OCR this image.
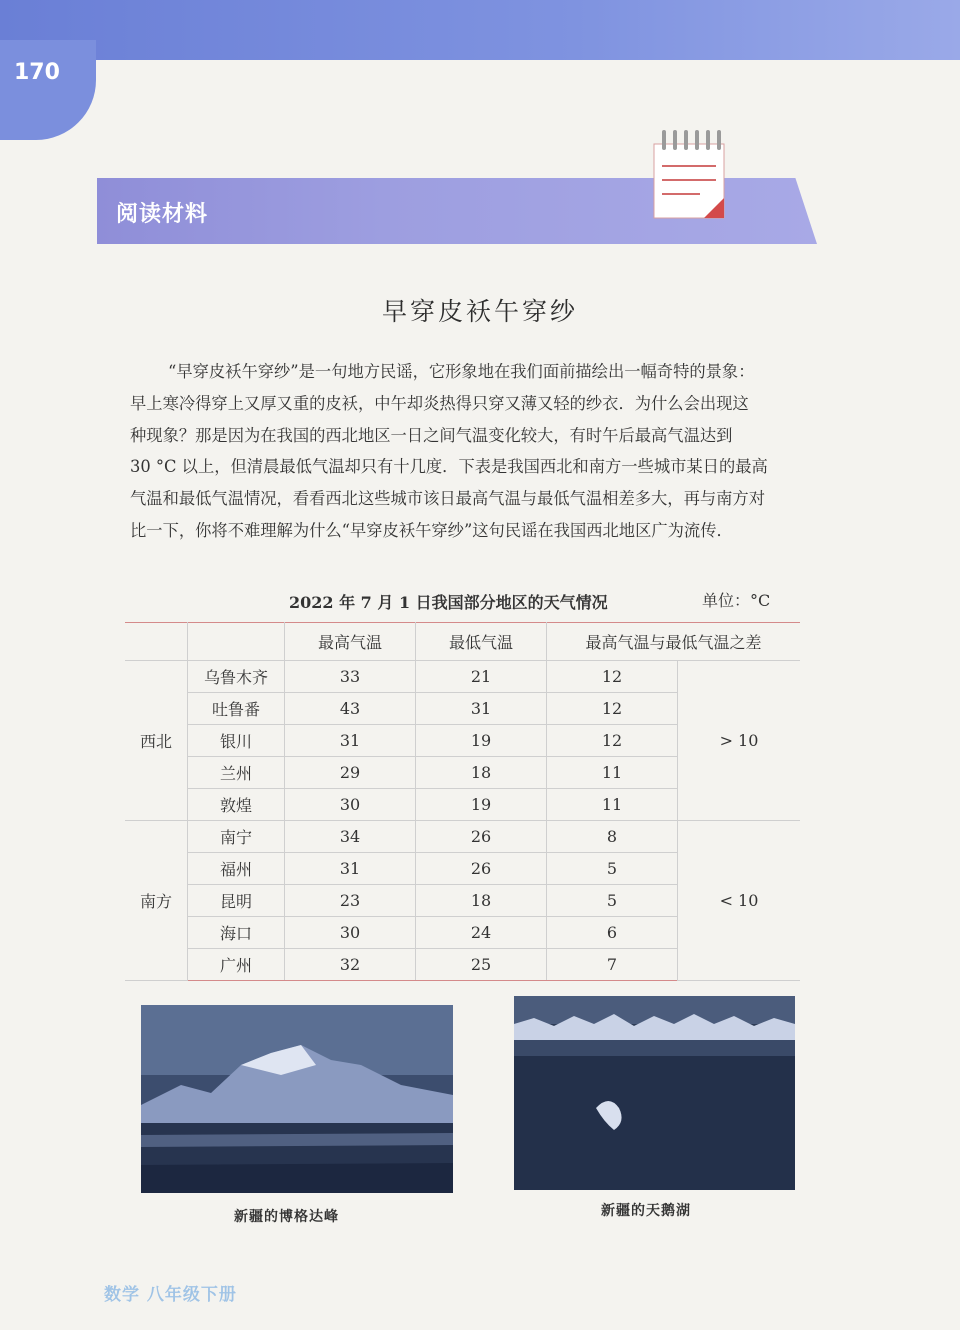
170
阅读材料
早穿皮袄午穿纱
“早穿皮袄午穿纱”是一句地方民谣，它形象地在我们面前描绘出一幅奇特的景象：
早上寒冷得穿上又厚又重的皮袄，中午却炎热得只穿又薄又轻的纱衣．为什么会出现这
种现象？那是因为在我国的西北地区一日之间气温变化较大，有时午后最高气温达到
30 °C 以上，但清晨最低气温却只有十几度．下表是我国西北和南方一些城市某日的最高
气温和最低气温情况，看看西北这些城市该日最高气温与最低气温相差多大，再与南方对
比一下，你将不难理解为什么“早穿皮袄午穿纱”这句民谣在我国西北地区广为流传．
2022 年 7 月 1 日我国部分地区的天气情况	单位：°C
		最高气温	最低气温	最高气温与最低气温之差	
西北	乌鲁木齐	33	21	12	> 10
	吐鲁番	43	31	12	
	银川	31	19	12	
	兰州	29	18	11	
	敦煌	30	19	11	
南方	南宁	34	26	8	< 10
	福州	31	26	5	
	昆明	23	18	5	
	海口	30	24	6	
	广州	32	25	7	
新疆的博格达峰	新疆的天鹅湖
数学 八年级下册
